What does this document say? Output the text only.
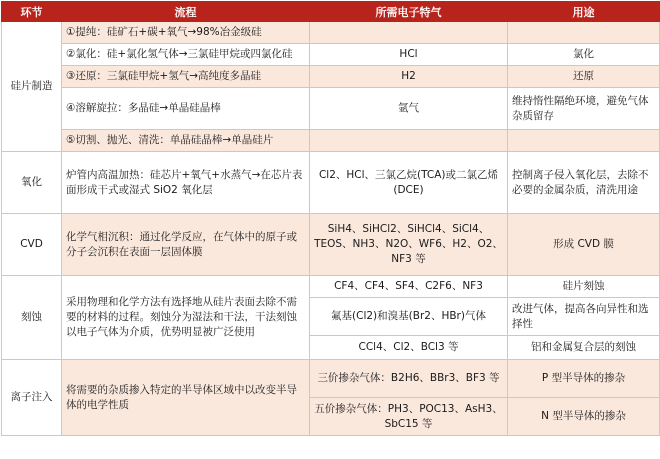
环节	流程	所需电子特气	用途
硅片制造	①提纯：硅矿石+碳+氧气→98%冶金级硅		
	②氯化：硅+氯化氢气体→三氯硅甲烷或四氯化硅	HCl	氯化
	③还原：三氯硅甲烷+氢气→高纯度多晶硅	H2	还原
	④溶解旋拉：多晶硅→单晶硅晶棒	氩气	维持惰性隔绝环境，避免气体杂质留存
	⑤切割、抛光、清洗：单晶硅晶棒→单晶硅片		
氧化	炉管内高温加热：硅芯片+氧气+水蒸气→在芯片表面形成干式或湿式 SiO2 氧化层	Cl2、HCl、三氯乙烷(TCA)或二氯乙烯(DCE)	控制离子侵入氧化层，去除不必要的金属杂质，清洗用途
CVD	化学气相沉积：通过化学反应，在气体中的原子或分子会沉积在表面一层固体膜	SiH4、SiHCl2、SiHCl4、SiCl4、TEOS、NH3、N2O、WF6、H2、O2、NF3 等	形成 CVD 膜
刻蚀	采用物理和化学方法有选择地从硅片表面去除不需要的材料的过程。刻蚀分为湿法和干法，干法刻蚀以电子气体为介质，优势明显被广泛使用	CF4、CF4、SF4、C2F6、NF3	硅片刻蚀
		氟基(Cl2)和溴基(Br2、HBr)气体	改进气体，提高各向异性和选择性
		CCl4、Cl2、BCl3 等	铝和金属复合层的刻蚀
离子注入	将需要的杂质掺入特定的半导体区域中以改变半导体的电学性质	三价掺杂气体：B2H6、BBr3、BF3 等	P 型半导体的掺杂
		五价掺杂气体：PH3、POC13、AsH3、SbC15 等	N 型半导体的掺杂
